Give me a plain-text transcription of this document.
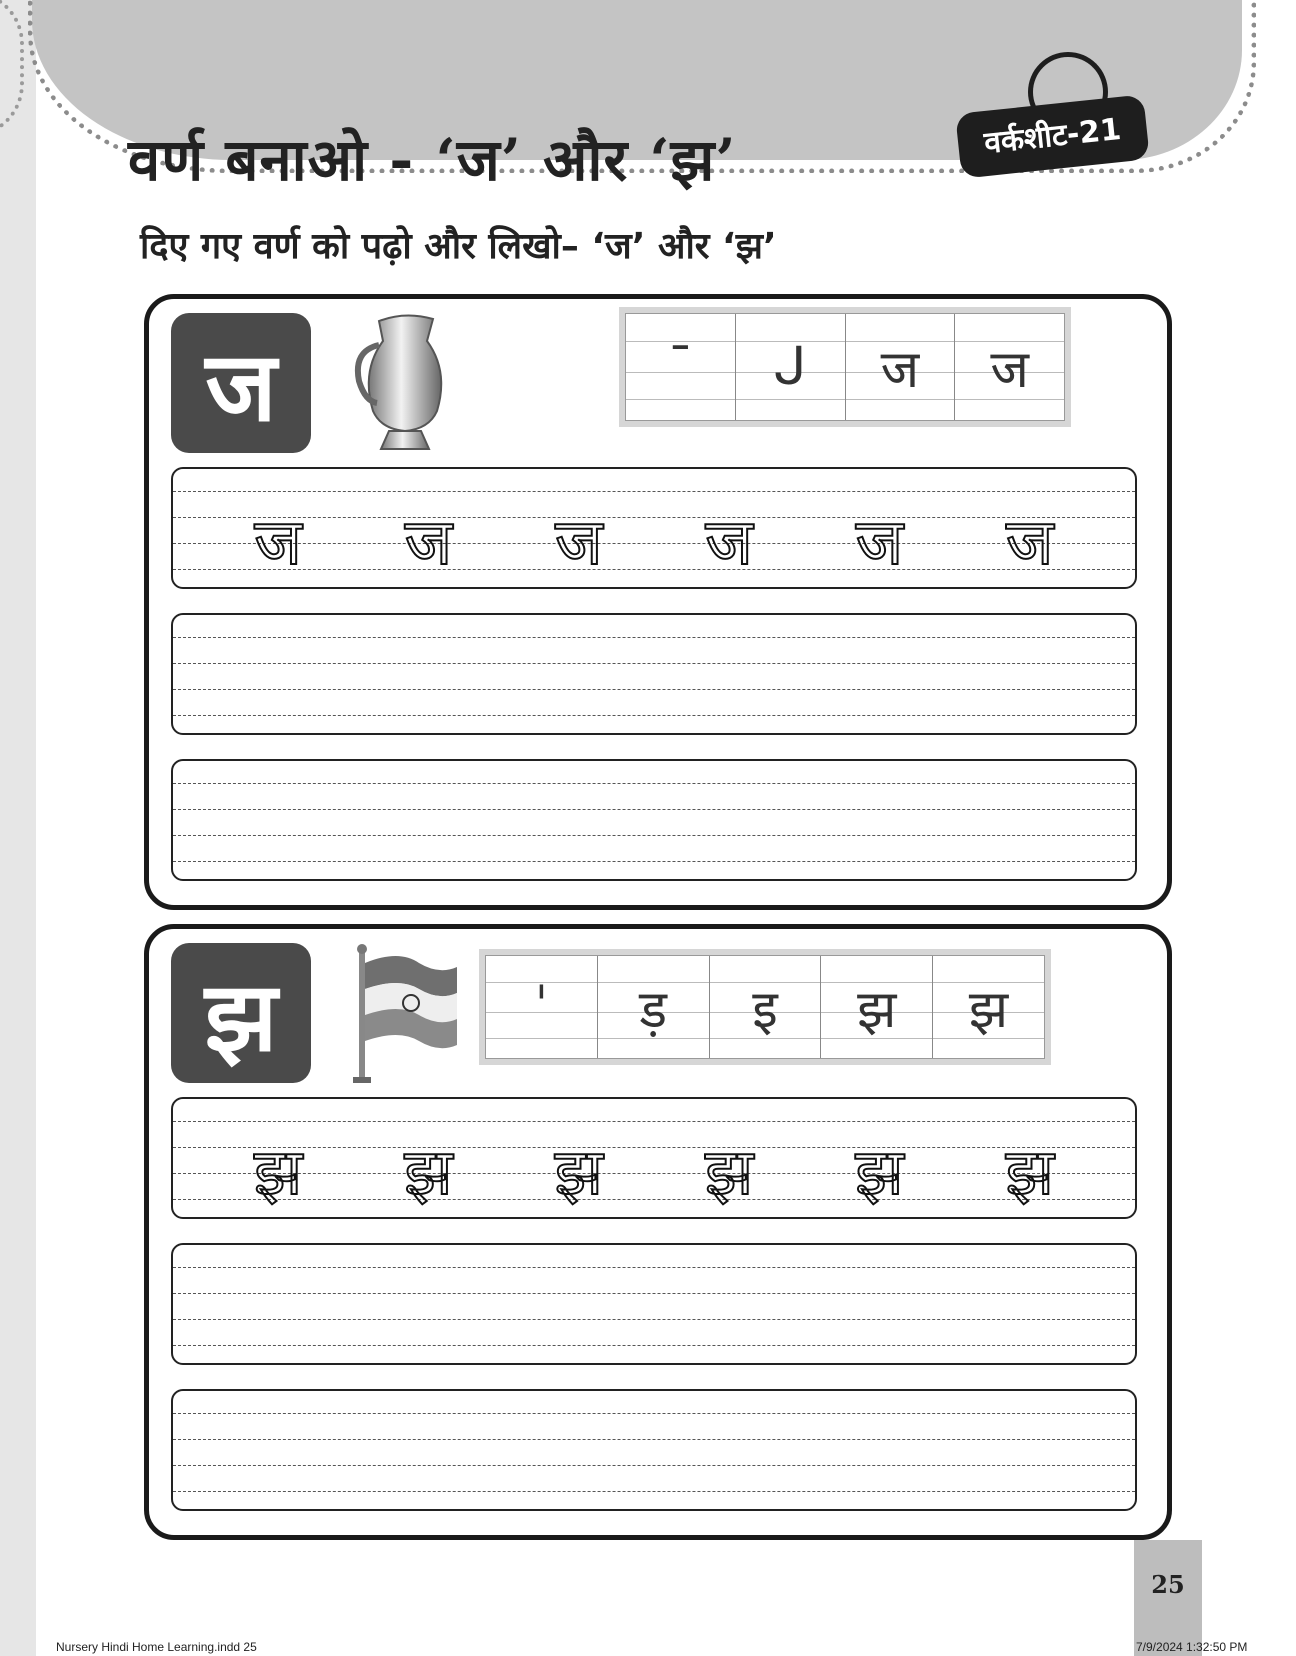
वर्कशीट-21
वर्ण बनाओ - ‘ज’ और ‘झ’
दिए गए वर्ण को पढ़ो और लिखो– ‘ज’ और ‘झ’
ज	¯ ᒍ ज ज
ज ज ज ज ज ज
झ	ˈ ड़ इ झ झ
झ झ झ झ झ झ
25
Nursery Hindi Home Learning.indd 25	7/9/2024 1:32:50 PM
